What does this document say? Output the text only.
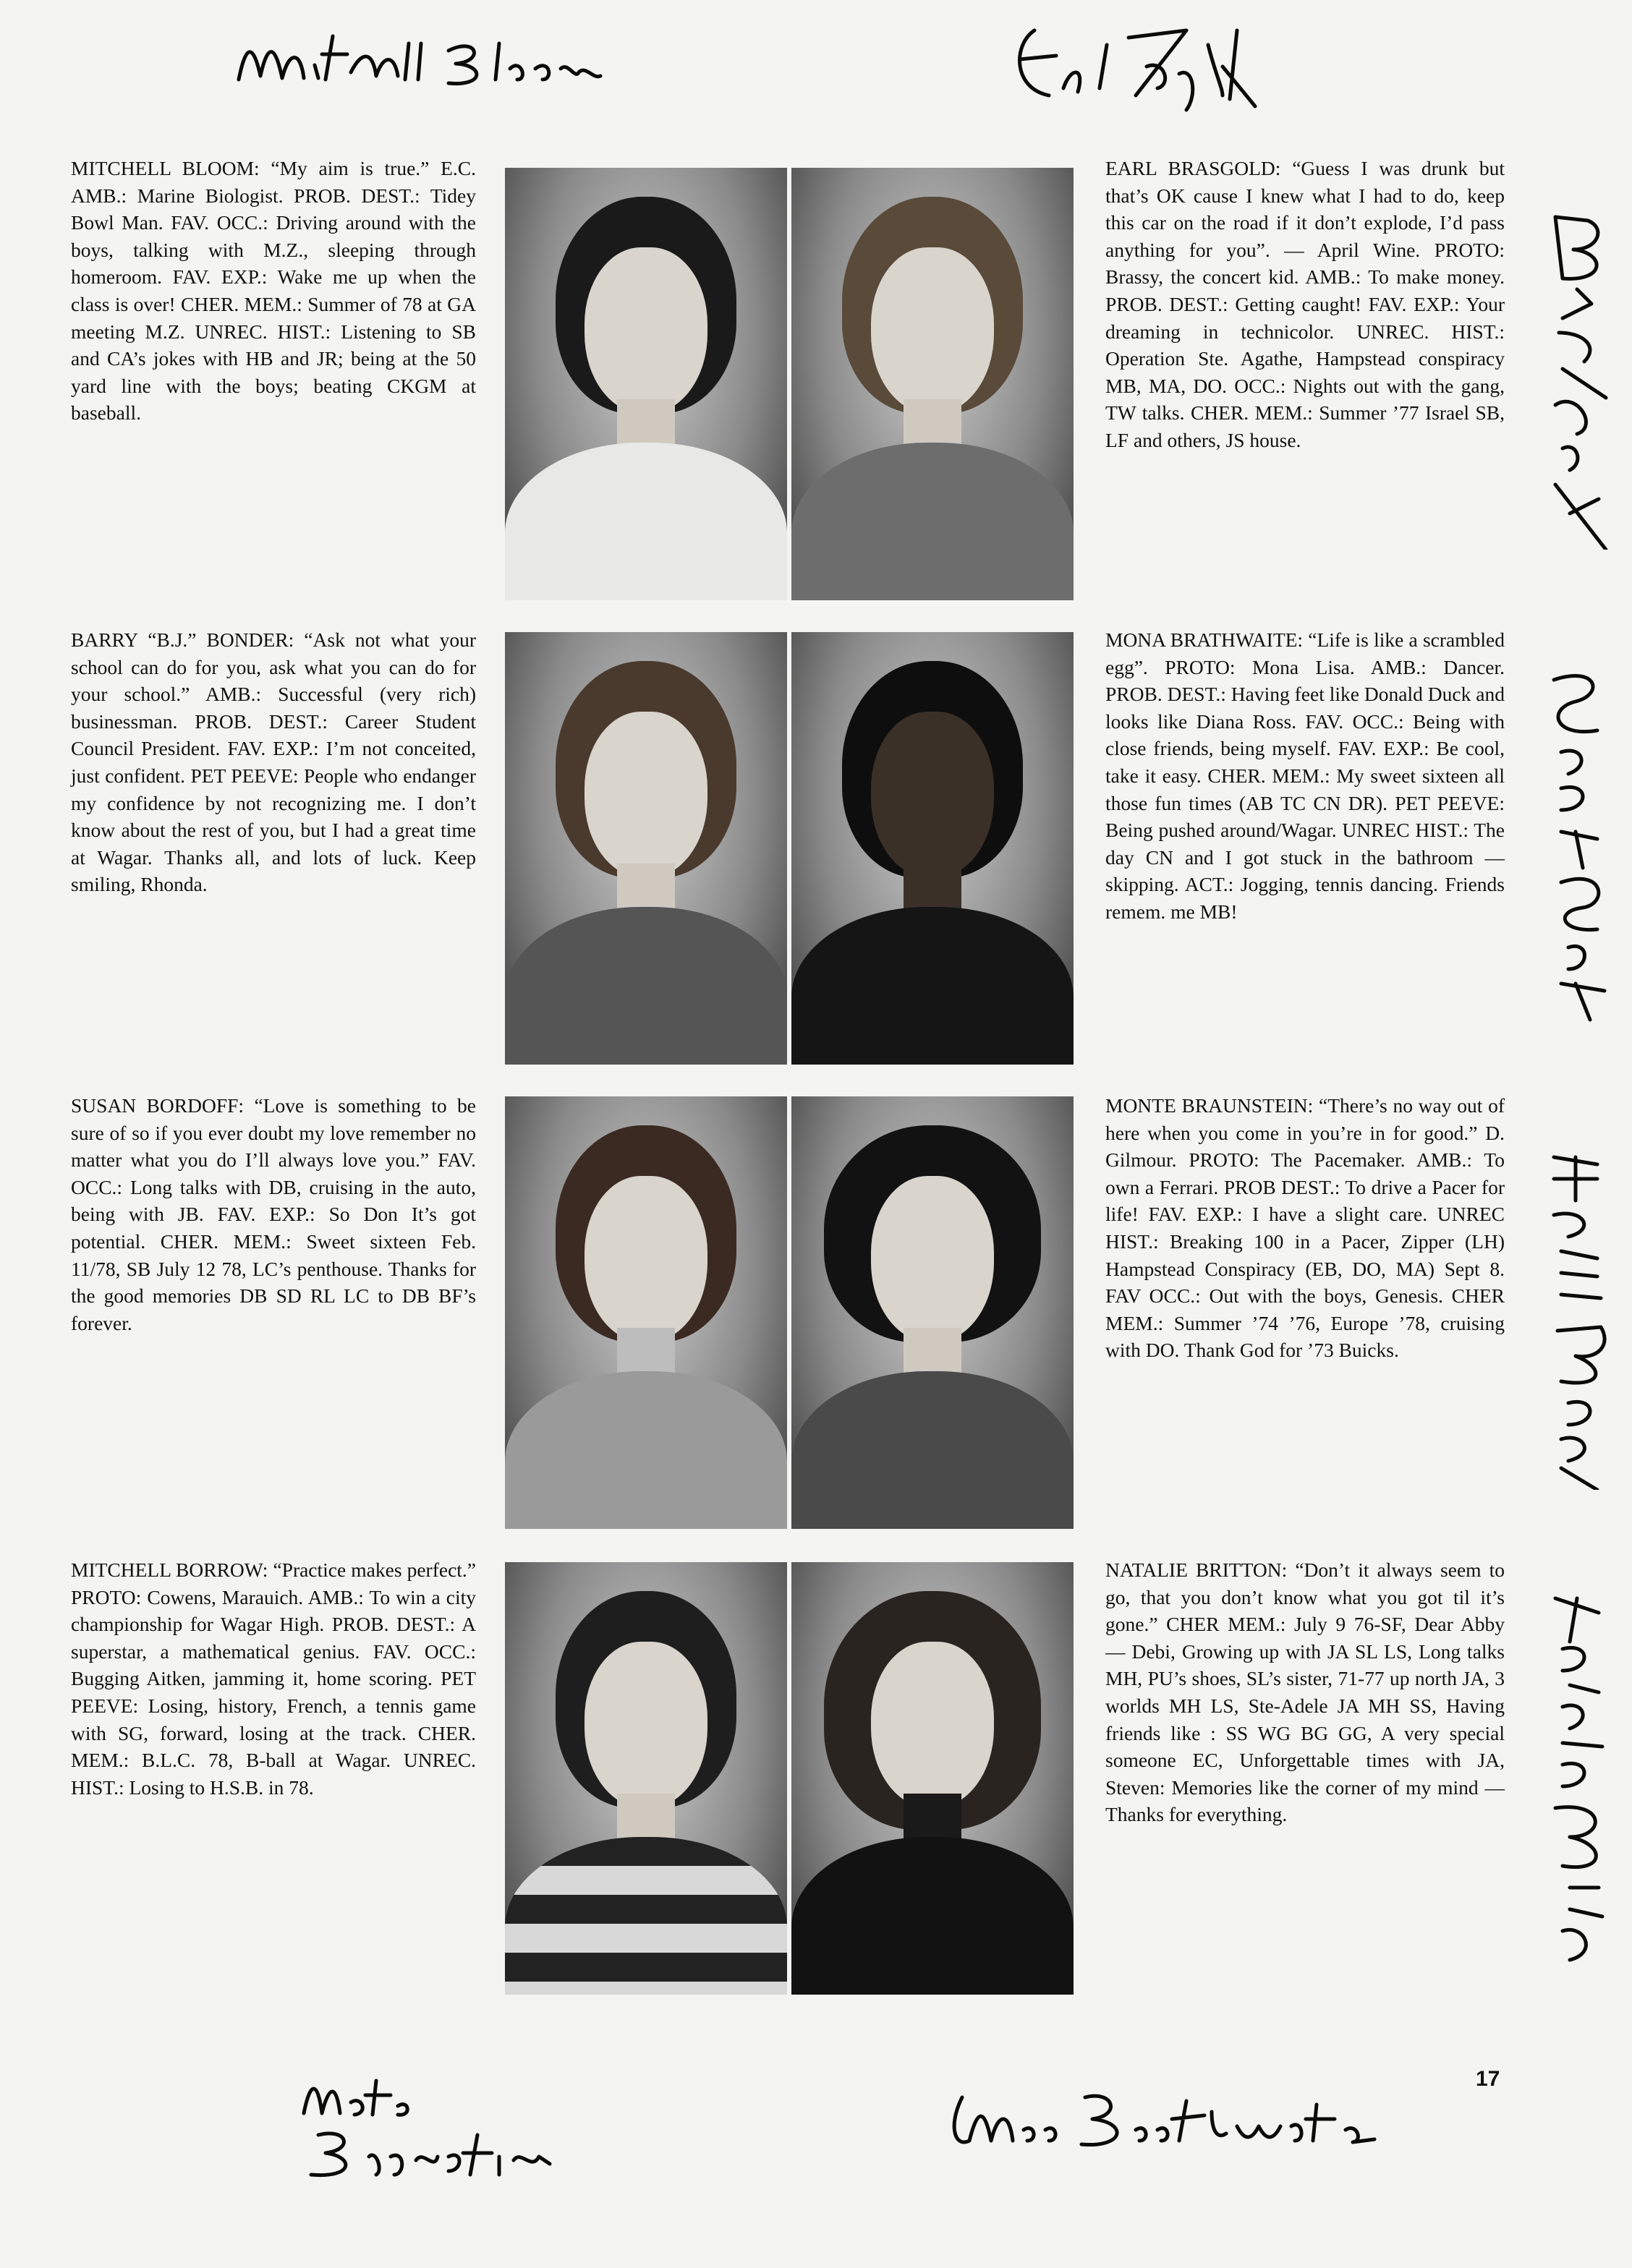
MITCHELL BLOOM: “My aim is true.” E.C. AMB.: Marine Biologist. PROB. DEST.: Tidey Bowl Man. FAV. OCC.: Driving around with the boys, talking with M.Z., sleeping through homeroom. FAV. EXP.: Wake me up when the class is over! CHER. MEM.: Summer of 78 at GA meeting M.Z. UNREC. HIST.: Listening to SB and CA’s jokes with HB and JR; being at the 50 yard line with the boys; beating CKGM at baseball.
EARL BRASGOLD: “Guess I was drunk but that’s OK cause I knew what I had to do, keep this car on the road if it don’t explode, I’d pass anything for you”. — April Wine. PROTO: Brassy, the concert kid. AMB.: To make money. PROB. DEST.: Getting caught! FAV. EXP.: Your dreaming in technicolor. UNREC. HIST.: Operation Ste. Agathe, Hampstead conspiracy MB, MA, DO. OCC.: Nights out with the gang, TW talks. CHER. MEM.: Summer ’77 Israel SB, LF and others, JS house.
BARRY “B.J.” BONDER: “Ask not what your school can do for you, ask what you can do for your school.” AMB.: Successful (very rich) businessman. PROB. DEST.: Career Student Council President. FAV. EXP.: I’m not conceited, just confident. PET PEEVE: People who endanger my confidence by not recognizing me. I don’t know about the rest of you, but I had a great time at Wagar. Thanks all, and lots of luck. Keep smiling, Rhonda.
MONA BRATHWAITE: “Life is like a scrambled egg”. PROTO: Mona Lisa. AMB.: Dancer. PROB. DEST.: Having feet like Donald Duck and looks like Diana Ross. FAV. OCC.: Being with close friends, being myself. FAV. EXP.: Be cool, take it easy. CHER. MEM.: My sweet sixteen all those fun times (AB TC CN DR). PET PEEVE: Being pushed around/Wagar. UNREC HIST.: The day CN and I got stuck in the bathroom — skipping. ACT.: Jogging, tennis dancing. Friends remem. me MB!
SUSAN BORDOFF: “Love is something to be sure of so if you ever doubt my love remember no matter what you do I’ll always love you.” FAV. OCC.: Long talks with DB, cruising in the auto, being with JB. FAV. EXP.: So Don It’s got potential. CHER. MEM.: Sweet sixteen Feb. 11/78, SB July 12 78, LC’s penthouse. Thanks for the good memories DB SD RL LC to DB BF’s forever.
MONTE BRAUNSTEIN: “There’s no way out of here when you come in you’re in for good.” D. Gilmour. PROTO: The Pacemaker. AMB.: To own a Ferrari. PROB DEST.: To drive a Pacer for life! FAV. EXP.: I have a slight care. UNREC HIST.: Breaking 100 in a Pacer, Zipper (LH) Hampstead Conspiracy (EB, DO, MA) Sept 8. FAV OCC.: Out with the boys, Genesis. CHER MEM.: Summer ’74 ’76, Europe ’78, cruising with DO. Thank God for ’73 Buicks.
MITCHELL BORROW: “Practice makes perfect.” PROTO: Cowens, Marauich. AMB.: To win a city championship for Wagar High. PROB. DEST.: A superstar, a mathematical genius. FAV. OCC.: Bugging Aitken, jamming it, home scoring. PET PEEVE: Losing, history, French, a tennis game with SG, forward, losing at the track. CHER. MEM.: B.L.C. 78, B-ball at Wagar. UNREC. HIST.: Losing to H.S.B. in 78.
NATALIE BRITTON: “Don’t it always seem to go, that you don’t know what you got til it’s gone.” CHER MEM.: July 9 76-SF, Dear Abby — Debi, Growing up with JA SL LS, Long talks MH, PU’s shoes, SL’s sister, 71-77 up north JA, 3 worlds MH LS, Ste-Adele JA MH SS, Having friends like : SS WG BG GG, A very special someone EC, Unforgettable times with JA, Steven: Memories like the corner of my mind — Thanks for everything.
17
